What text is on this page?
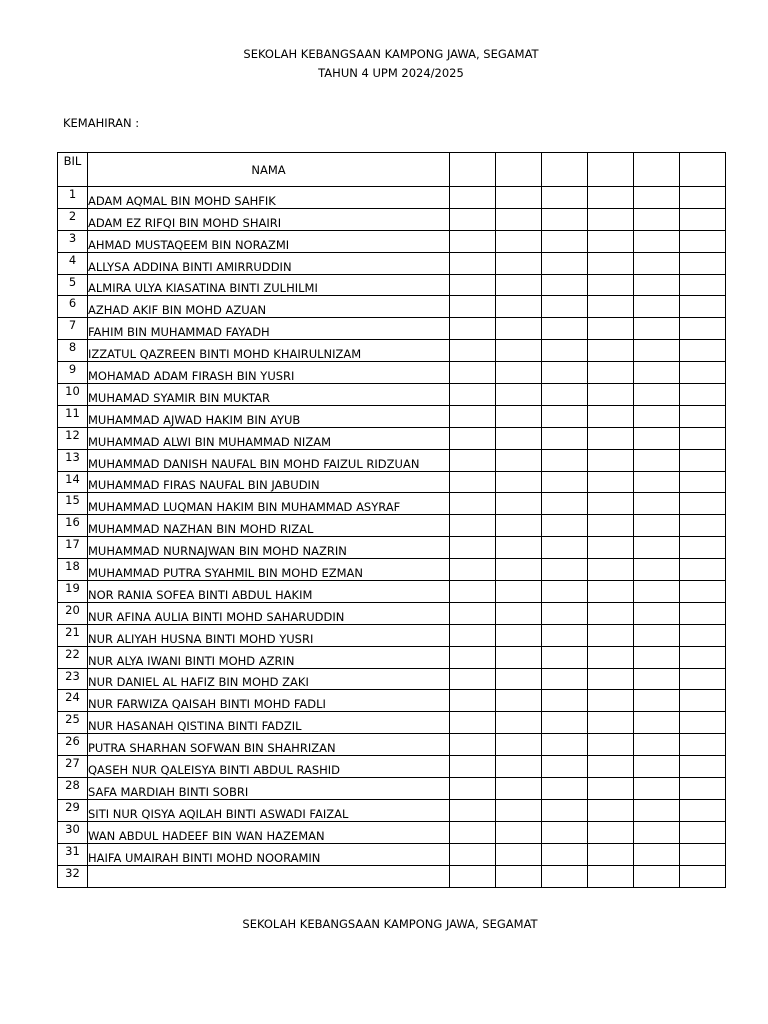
SEKOLAH KEBANGSAAN KAMPONG JAWA, SEGAMAT
TAHUN 4 UPM 2024/2025
KEMAHIRAN :
BIL	NAMA						
1	ADAM AQMAL BIN MOHD SAHFIK						
2	ADAM EZ RIFQI BIN MOHD SHAIRI						
3	AHMAD MUSTAQEEM BIN NORAZMI						
4	ALLYSA ADDINA BINTI AMIRRUDDIN						
5	ALMIRA ULYA KIASATINA BINTI ZULHILMI						
6	AZHAD AKIF BIN MOHD AZUAN						
7	FAHIM BIN MUHAMMAD FAYADH						
8	IZZATUL QAZREEN BINTI MOHD KHAIRULNIZAM						
9	MOHAMAD ADAM FIRASH BIN YUSRI						
10	MUHAMAD SYAMIR BIN MUKTAR						
11	MUHAMMAD AJWAD HAKIM BIN AYUB						
12	MUHAMMAD ALWI BIN MUHAMMAD NIZAM						
13	MUHAMMAD DANISH NAUFAL BIN MOHD FAIZUL RIDZUAN						
14	MUHAMMAD FIRAS NAUFAL BIN JABUDIN						
15	MUHAMMAD LUQMAN HAKIM BIN MUHAMMAD ASYRAF						
16	MUHAMMAD NAZHAN BIN MOHD RIZAL						
17	MUHAMMAD NURNAJWAN BIN MOHD NAZRIN						
18	MUHAMMAD PUTRA SYAHMIL BIN MOHD EZMAN						
19	NOR RANIA SOFEA BINTI ABDUL HAKIM						
20	NUR AFINA AULIA BINTI MOHD SAHARUDDIN						
21	NUR ALIYAH HUSNA BINTI MOHD YUSRI						
22	NUR ALYA IWANI BINTI MOHD AZRIN						
23	NUR DANIEL AL HAFIZ BIN MOHD ZAKI						
24	NUR FARWIZA QAISAH BINTI MOHD FADLI						
25	NUR HASANAH QISTINA BINTI FADZIL						
26	PUTRA SHARHAN SOFWAN BIN SHAHRIZAN						
27	QASEH NUR QALEISYA BINTI ABDUL RASHID						
28	SAFA MARDIAH BINTI SOBRI						
29	SITI NUR QISYA AQILAH BINTI ASWADI FAIZAL						
30	WAN ABDUL HADEEF BIN WAN HAZEMAN						
31	HAIFA UMAIRAH BINTI MOHD NOORAMIN						
32							
SEKOLAH KEBANGSAAN KAMPONG JAWA, SEGAMAT
